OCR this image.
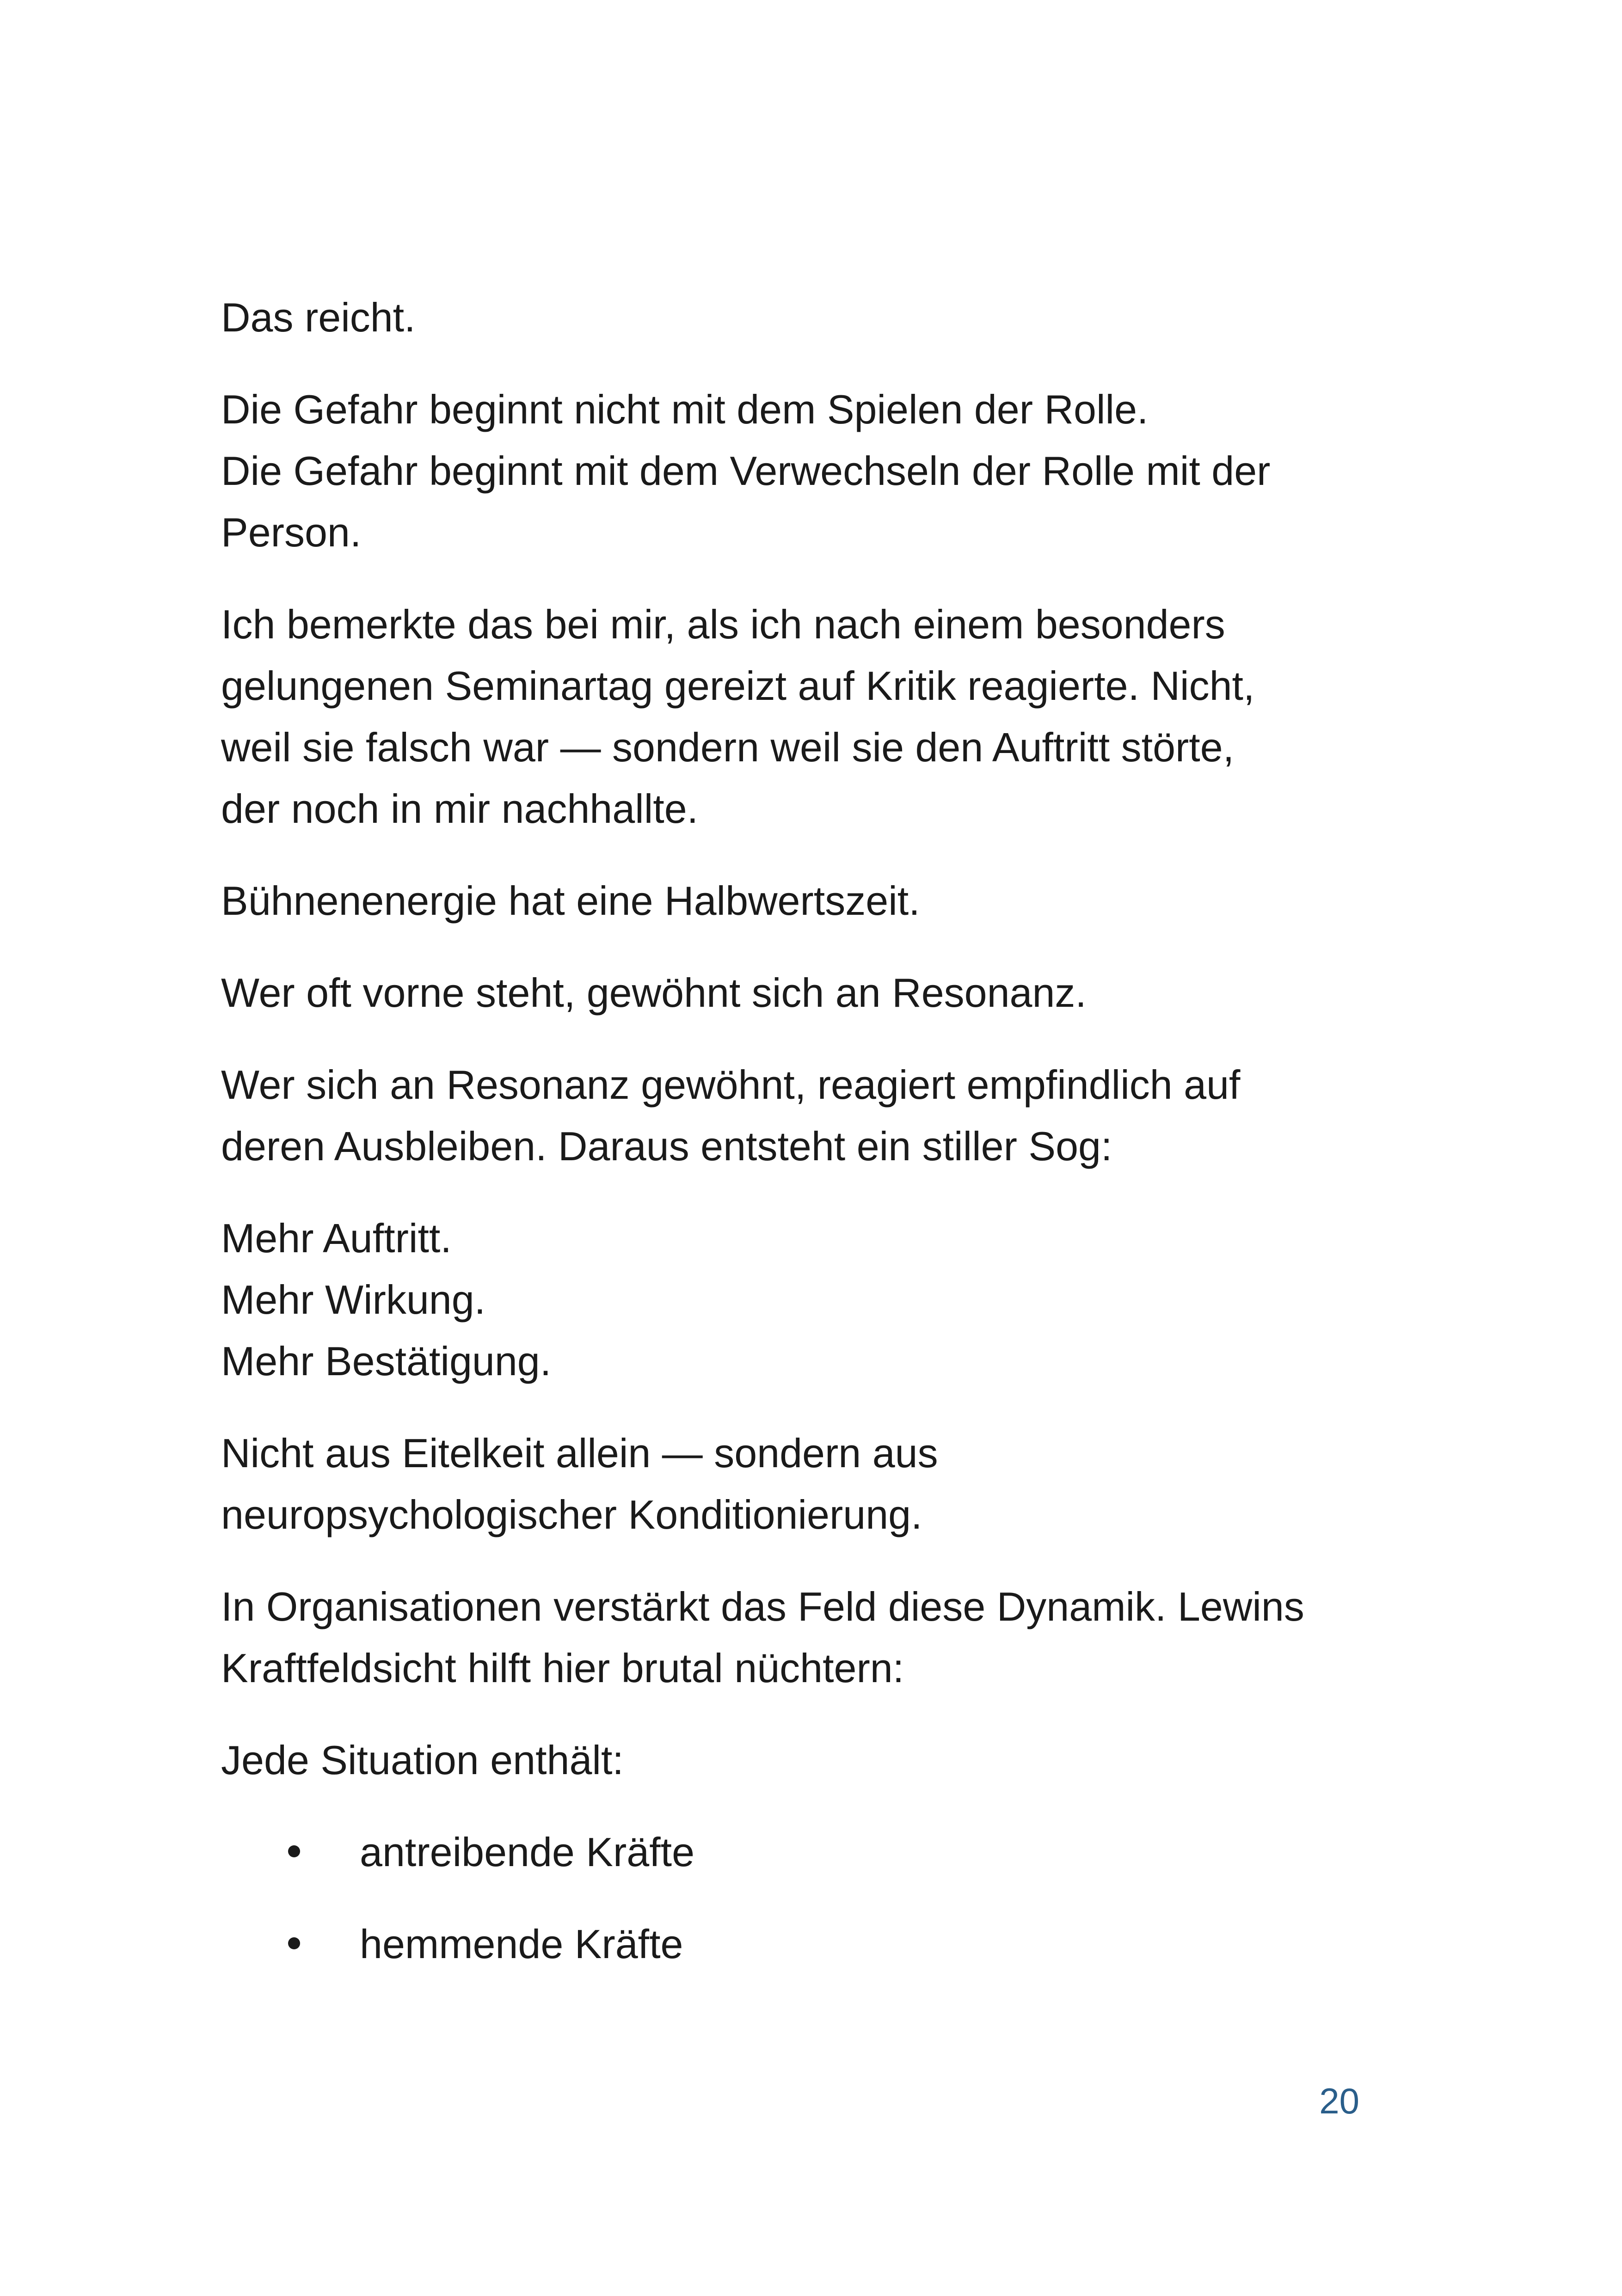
Das reicht.

Die Gefahr beginnt nicht mit dem Spielen der Rolle.
Die Gefahr beginnt mit dem Verwechseln der Rolle mit der
Person.

Ich bemerkte das bei mir, als ich nach einem besonders
gelungenen Seminartag gereizt auf Kritik reagierte. Nicht,
weil sie falsch war — sondern weil sie den Auftritt störte,
der noch in mir nachhallte.

Bühnenenergie hat eine Halbwertszeit.

Wer oft vorne steht, gewöhnt sich an Resonanz.

Wer sich an Resonanz gewöhnt, reagiert empfindlich auf
deren Ausbleiben. Daraus entsteht ein stiller Sog:

Mehr Auftritt.
Mehr Wirkung.
Mehr Bestätigung.

Nicht aus Eitelkeit allein — sondern aus
neuropsychologischer Konditionierung.

In Organisationen verstärkt das Feld diese Dynamik. Lewins
Kraftfeldsicht hilft hier brutal nüchtern:

Jede Situation enthält:

antreibende Kräfte
hemmende Kräfte
20
